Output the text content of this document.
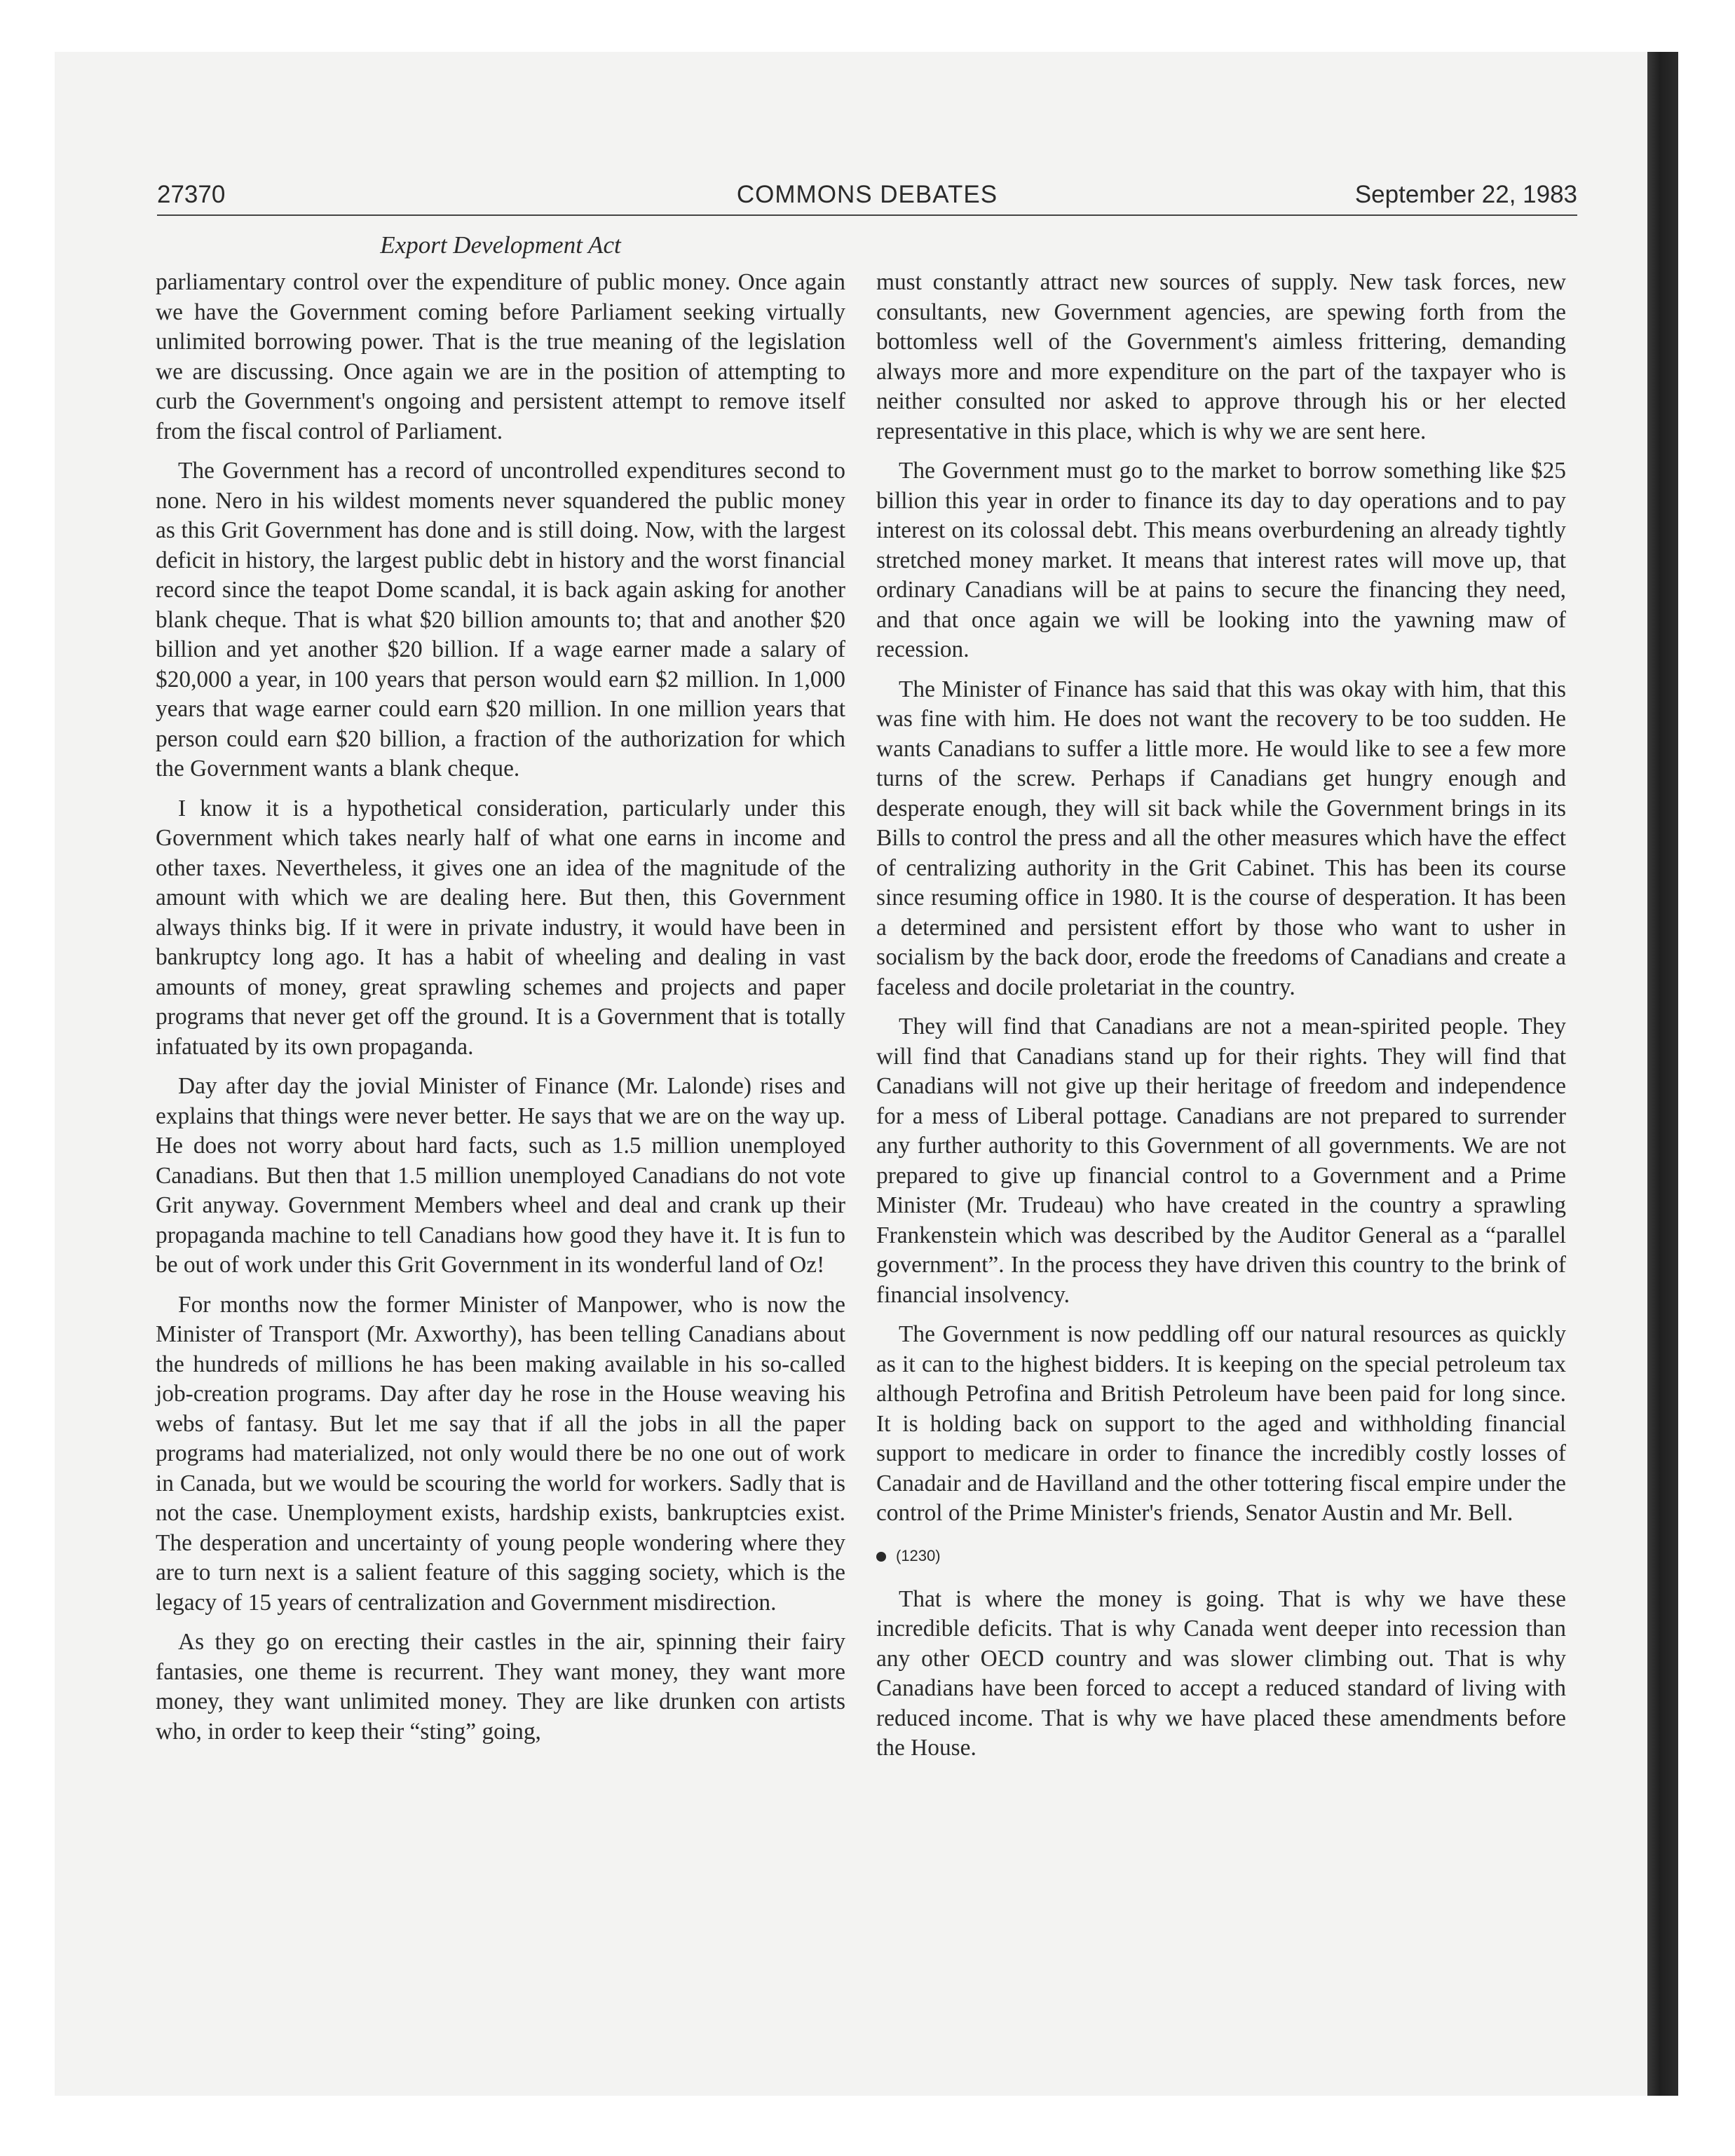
27370	COMMONS DEBATES	September 22, 1983
Export Development Act

parliamentary control over the expenditure of public money. Once again we have the Government coming before Parliament seeking virtually unlimited borrowing power. That is the true meaning of the legislation we are discussing. Once again we are in the position of attempting to curb the Government's ongoing and persistent attempt to remove itself from the fiscal control of Parliament.

The Government has a record of uncontrolled expenditures second to none. Nero in his wildest moments never squandered the public money as this Grit Government has done and is still doing. Now, with the largest deficit in history, the largest public debt in history and the worst financial record since the teapot Dome scandal, it is back again asking for another blank cheque. That is what $20 billion amounts to; that and another $20 billion and yet another $20 billion. If a wage earner made a salary of $20,000 a year, in 100 years that person would earn $2 million. In 1,000 years that wage earner could earn $20 million. In one million years that person could earn $20 billion, a fraction of the authorization for which the Government wants a blank cheque.

I know it is a hypothetical consideration, particularly under this Government which takes nearly half of what one earns in income and other taxes. Nevertheless, it gives one an idea of the magnitude of the amount with which we are dealing here. But then, this Government always thinks big. If it were in private industry, it would have been in bankruptcy long ago. It has a habit of wheeling and dealing in vast amounts of money, great sprawling schemes and projects and paper programs that never get off the ground. It is a Government that is totally infatuated by its own propaganda.

Day after day the jovial Minister of Finance (Mr. Lalonde) rises and explains that things were never better. He says that we are on the way up. He does not worry about hard facts, such as 1.5 million unemployed Canadians. But then that 1.5 million unemployed Canadians do not vote Grit anyway. Government Members wheel and deal and crank up their propaganda machine to tell Canadians how good they have it. It is fun to be out of work under this Grit Government in its wonderful land of Oz!

For months now the former Minister of Manpower, who is now the Minister of Transport (Mr. Axworthy), has been telling Canadians about the hundreds of millions he has been making available in his so-called job-creation programs. Day after day he rose in the House weaving his webs of fantasy. But let me say that if all the jobs in all the paper programs had materialized, not only would there be no one out of work in Canada, but we would be scouring the world for workers. Sadly that is not the case. Unemployment exists, hardship exists, bankruptcies exist. The desperation and uncertainty of young people wondering where they are to turn next is a salient feature of this sagging society, which is the legacy of 15 years of centralization and Government misdirection.

As they go on erecting their castles in the air, spinning their fairy fantasies, one theme is recurrent. They want money, they want more money, they want unlimited money. They are like drunken con artists who, in order to keep their “sting” going,

must constantly attract new sources of supply. New task forces, new consultants, new Government agencies, are spewing forth from the bottomless well of the Government's aimless frittering, demanding always more and more expenditure on the part of the taxpayer who is neither consulted nor asked to approve through his or her elected representative in this place, which is why we are sent here.

The Government must go to the market to borrow something like $25 billion this year in order to finance its day to day operations and to pay interest on its colossal debt. This means overburdening an already tightly stretched money market. It means that interest rates will move up, that ordinary Canadians will be at pains to secure the financing they need, and that once again we will be looking into the yawning maw of recession.

The Minister of Finance has said that this was okay with him, that this was fine with him. He does not want the recovery to be too sudden. He wants Canadians to suffer a little more. He would like to see a few more turns of the screw. Perhaps if Canadians get hungry enough and desperate enough, they will sit back while the Government brings in its Bills to control the press and all the other measures which have the effect of centralizing authority in the Grit Cabinet. This has been its course since resuming office in 1980. It is the course of desperation. It has been a determined and persistent effort by those who want to usher in socialism by the back door, erode the freedoms of Canadians and create a faceless and docile proletariat in the country.

They will find that Canadians are not a mean-spirited people. They will find that Canadians stand up for their rights. They will find that Canadians will not give up their heritage of freedom and independence for a mess of Liberal pottage. Canadians are not prepared to surrender any further authority to this Government of all governments. We are not prepared to give up financial control to a Government and a Prime Minister (Mr. Trudeau) who have created in the country a sprawling Frankenstein which was described by the Auditor General as a “parallel government”. In the process they have driven this country to the brink of financial insolvency.

The Government is now peddling off our natural resources as quickly as it can to the highest bidders. It is keeping on the special petroleum tax although Petrofina and British Petroleum have been paid for long since. It is holding back on support to the aged and withholding financial support to medicare in order to finance the incredibly costly losses of Canadair and de Havilland and the other tottering fiscal empire under the control of the Prime Minister's friends, Senator Austin and Mr. Bell.

(1230)

That is where the money is going. That is why we have these incredible deficits. That is why Canada went deeper into recession than any other OECD country and was slower climbing out. That is why Canadians have been forced to accept a reduced standard of living with reduced income. That is why we have placed these amendments before the House.
